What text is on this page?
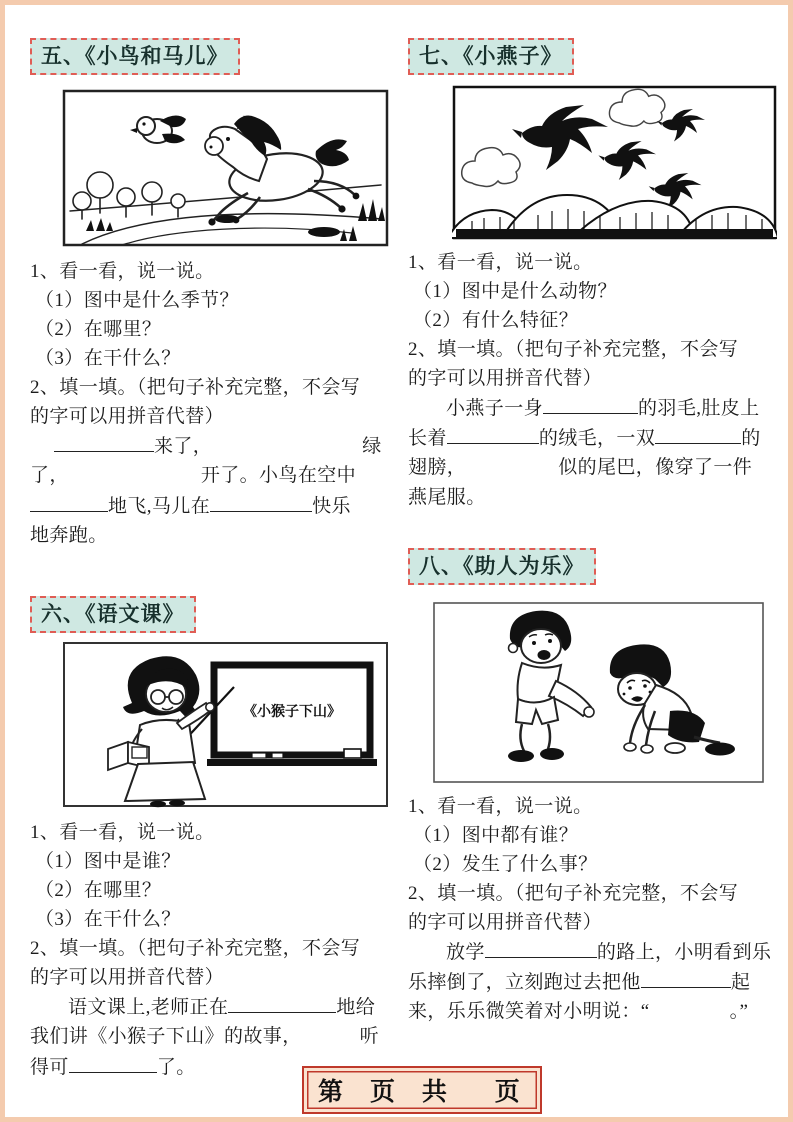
五、《小鸟和马儿》
1、看一看，说一说。
（1）图中是什么季节？
（2）在哪里？
（3）在干什么？
2、填一填。（把句子补充完整，不会写
的字可以用拼音代替）
来了，	绿
了，	开了。小鸟在空中
地飞,马儿在	快乐
地奔跑。
六、《语文课》
《小猴子下山》
1、看一看，说一说。
（1）图中是谁？
（2）在哪里？
（3）在干什么？
2、填一填。（把句子补充完整，不会写
的字可以用拼音代替）
语文课上,老师正在	地给
我们讲《小猴子下山》的故事，	听
得可	了。
七、《小燕子》
1、看一看，说一说。
（1）图中是什么动物？
（2）有什么特征？
2、填一填。（把句子补充完整，不会写
的字可以用拼音代替）
小燕子一身	的羽毛,肚皮上
长着	的绒毛，一双	的
翅膀，	似的尾巴，像穿了一件
燕尾服。
八、《助人为乐》
1、看一看，说一说。
（1）图中都有谁？
（2）发生了什么事？
2、填一填。（把句子补充完整，不会写
的字可以用拼音代替）
放学	的路上，小明看到乐
乐摔倒了，立刻跑过去把他	起
来，乐乐微笑着对小明说：“	。”
第 页 共  页
